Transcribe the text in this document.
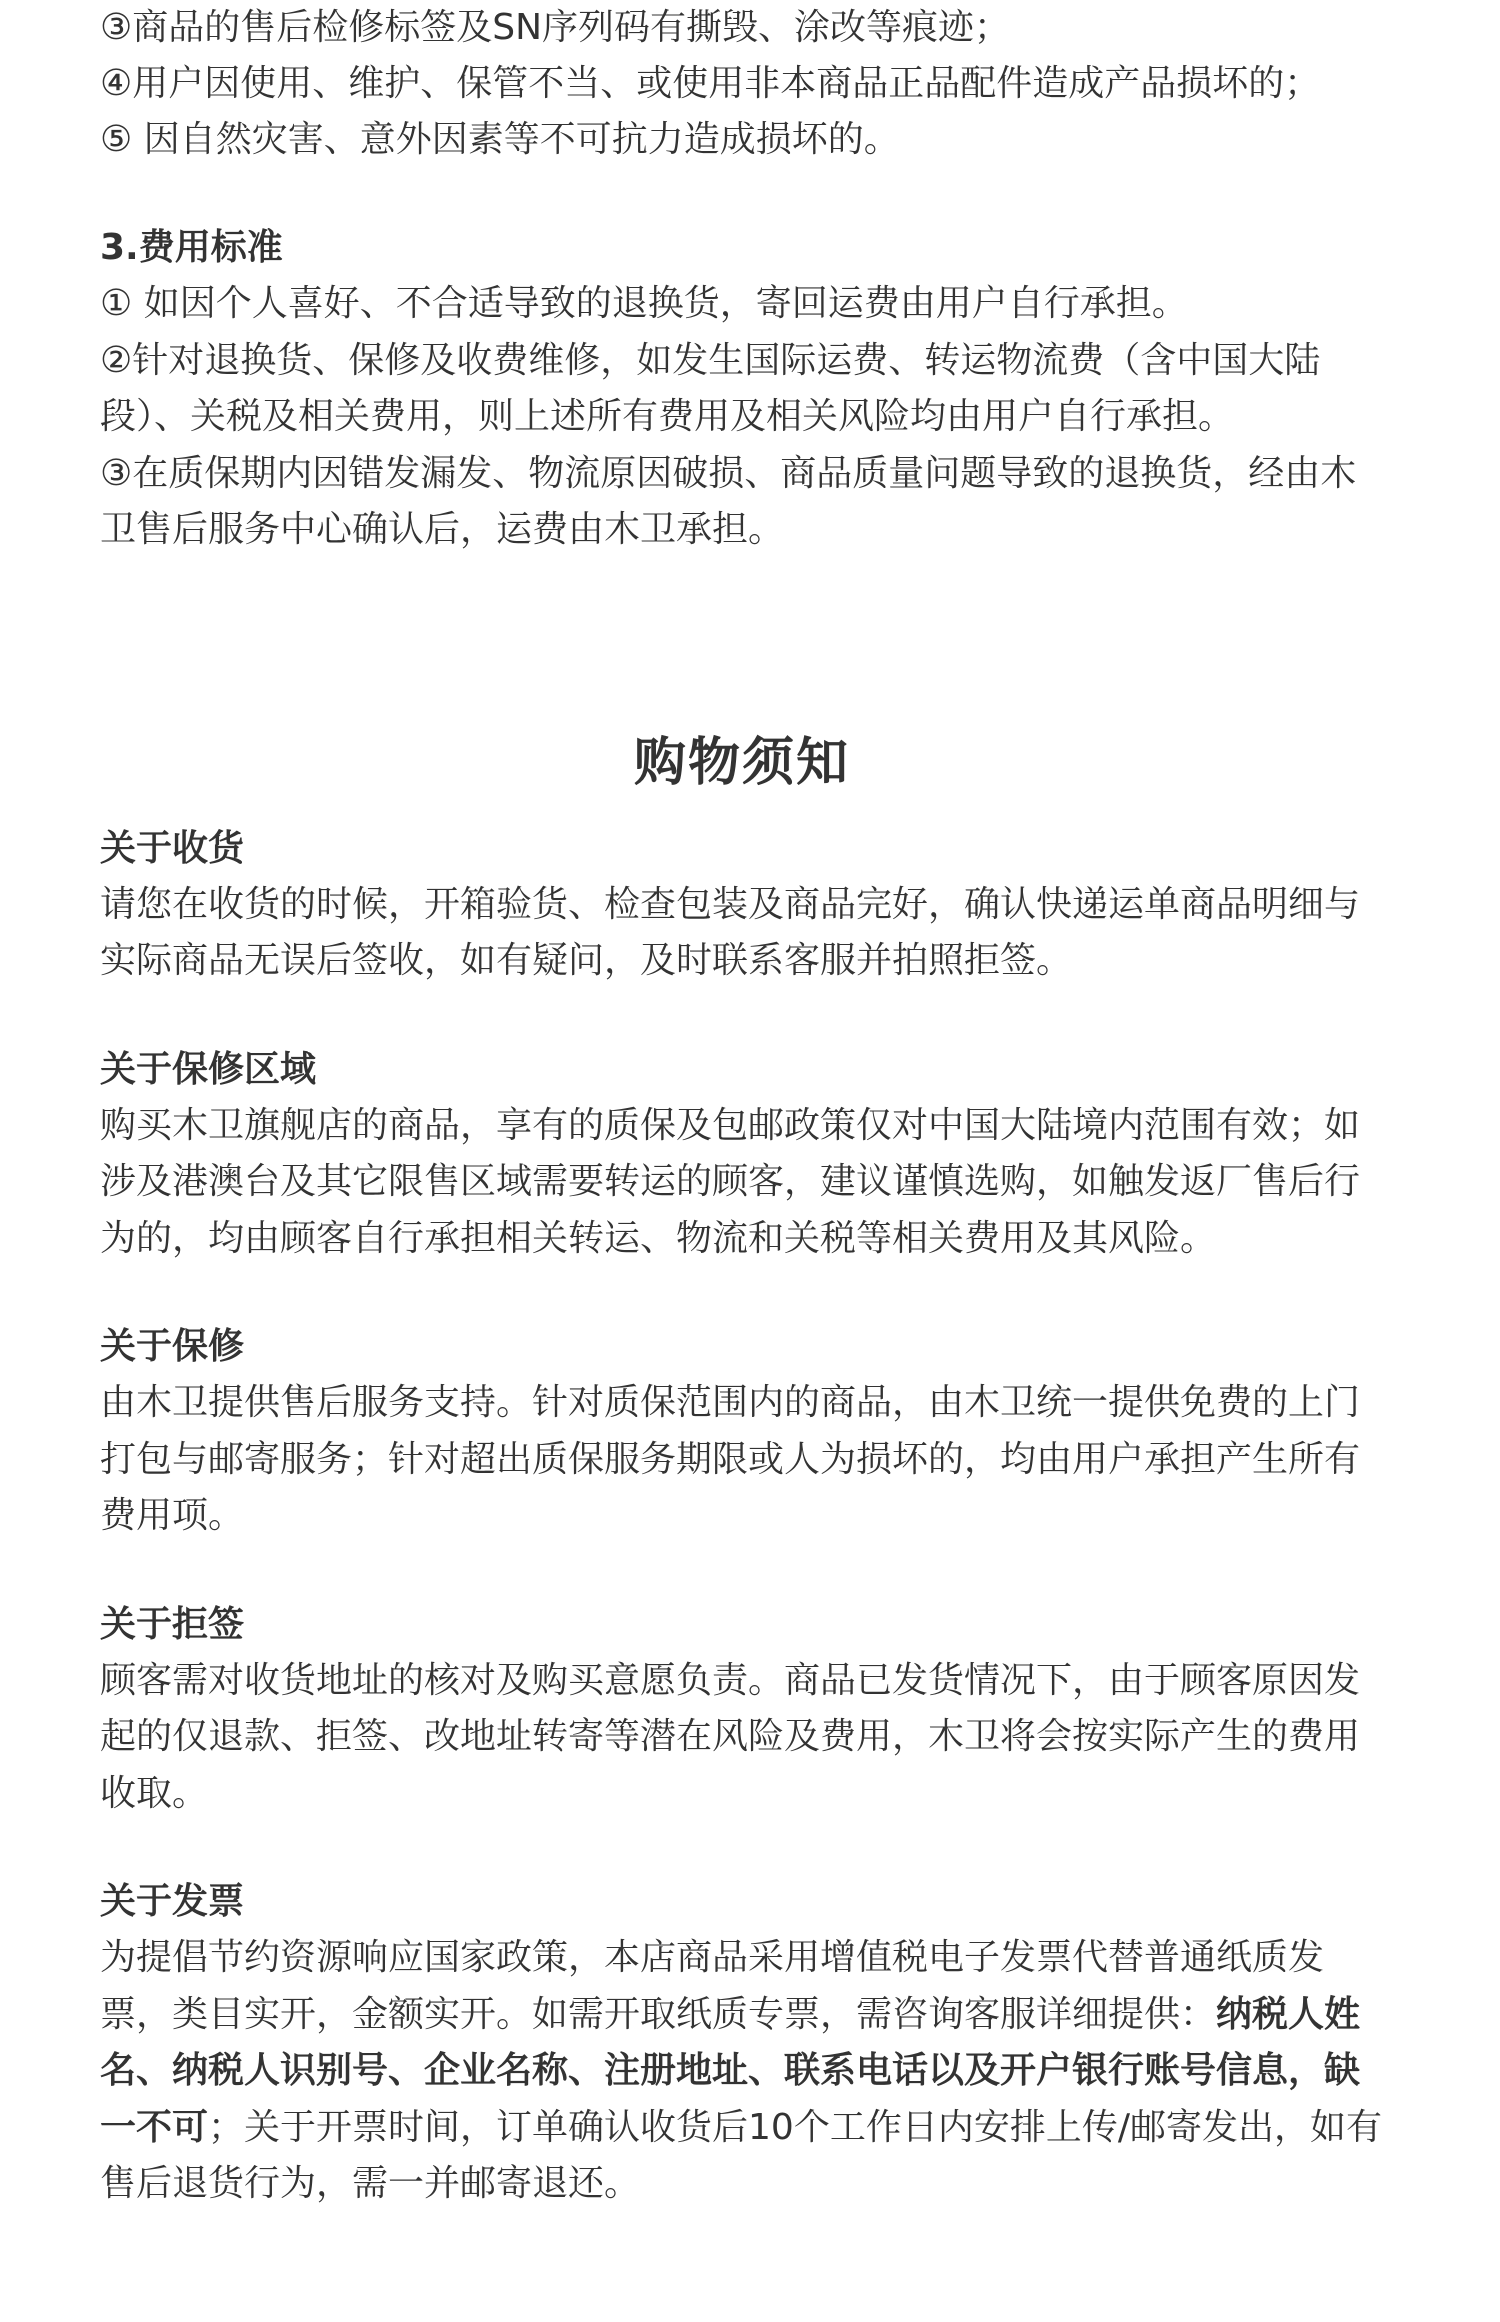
③商品的售后检修标签及SN序列码有撕毁、涂改等痕迹；

④用户因使用、维护、保管不当、或使用非本商品正品配件造成产品损坏的；

⑤ 因自然灾害、意外因素等不可抗力造成损坏的。

3.费用标准

① 如因个人喜好、不合适导致的退换货，寄回运费由用户自行承担。

②针对退换货、保修及收费维修，如发生国际运费、转运物流费（含中国大陆段）、关税及相关费用，则上述所有费用及相关风险均由用户自行承担。

③在质保期内因错发漏发、物流原因破损、商品质量问题导致的退换货，经由木卫售后服务中心确认后，运费由木卫承担。

购物须知

关于收货

请您在收货的时候，开箱验货、检查包装及商品完好，确认快递运单商品明细与实际商品无误后签收，如有疑问，及时联系客服并拍照拒签。

关于保修区域

购买木卫旗舰店的商品，享有的质保及包邮政策仅对中国大陆境内范围有效；如涉及港澳台及其它限售区域需要转运的顾客，建议谨慎选购，如触发返厂售后行为的，均由顾客自行承担相关转运、物流和关税等相关费用及其风险。

关于保修

由木卫提供售后服务支持。针对质保范围内的商品，由木卫统一提供免费的上门打包与邮寄服务；针对超出质保服务期限或人为损坏的，均由用户承担产生所有费用项。

关于拒签

顾客需对收货地址的核对及购买意愿负责。商品已发货情况下，由于顾客原因发起的仅退款、拒签、改地址转寄等潜在风险及费用，木卫将会按实际产生的费用收取。

关于发票

为提倡节约资源响应国家政策，本店商品采用增值税电子发票代替普通纸质发票，类目实开，金额实开。如需开取纸质专票，需咨询客服详细提供：纳税人姓名、纳税人识别号、企业名称、注册地址、联系电话以及开户银行账号信息，缺一不可；关于开票时间，订单确认收货后10个工作日内安排上传/邮寄发出，如有售后退货行为，需一并邮寄退还。
